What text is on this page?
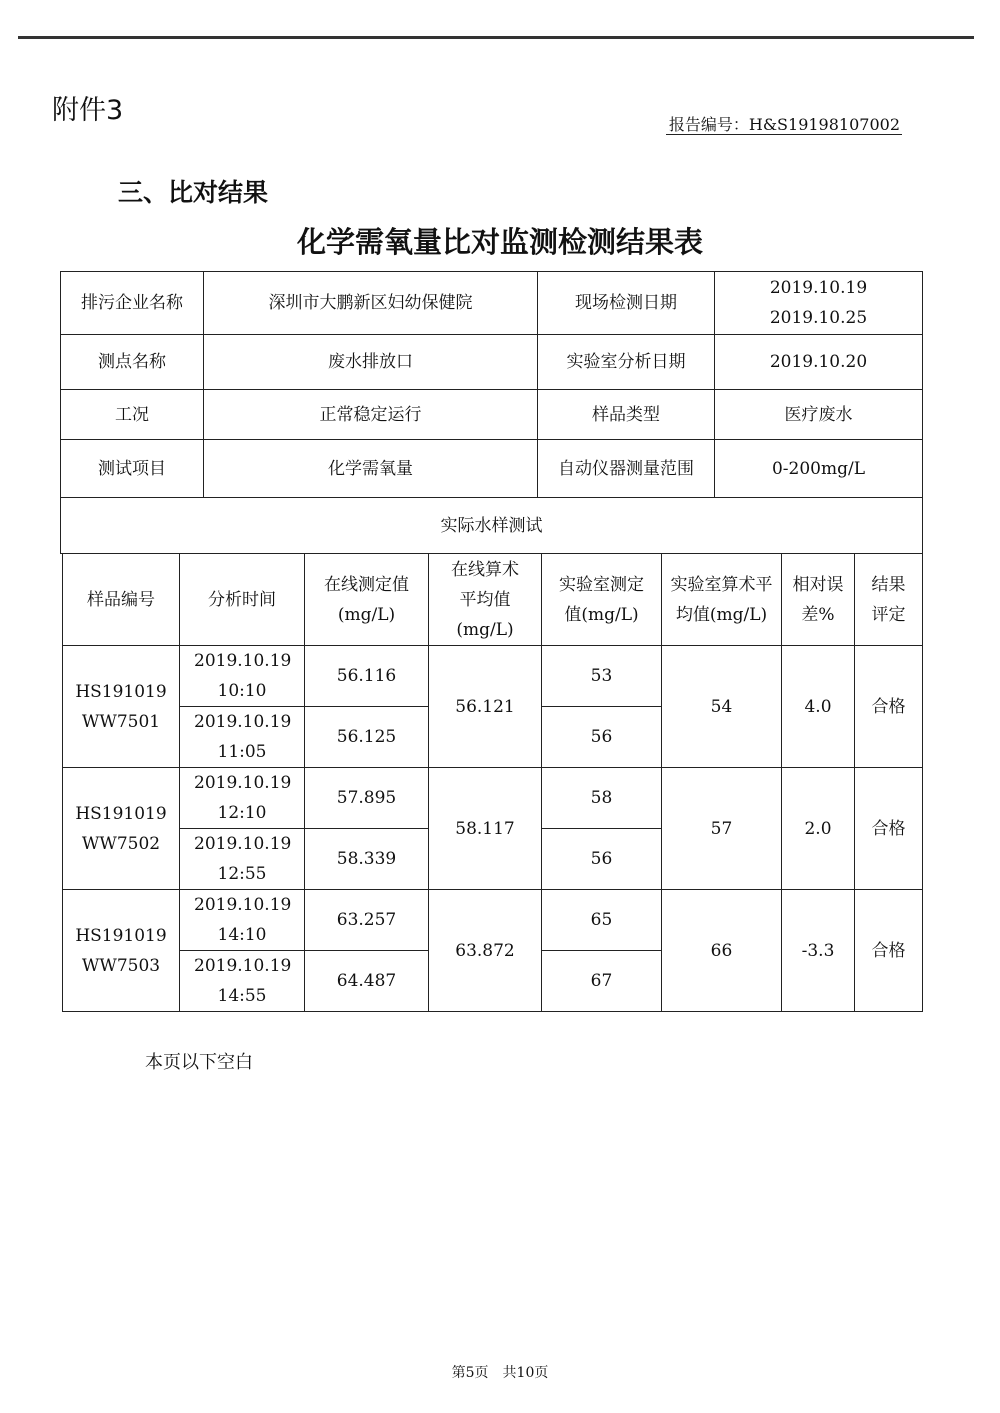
附件3	报告编号：H&S19198107002
三、比对结果
化学需氧量比对监测检测结果表
排污企业名称	深圳市大鹏新区妇幼保健院	现场检测日期	2019.10.19
2019.10.25

测点名称	废水排放口	实验室分析日期	2019.10.20
工况	正常稳定运行	样品类型	医疗废水
测试项目	化学需氧量	自动仪器测量范围	0-200mg/L
实际水样测试			
样品编号	分析时间	在线测定值(mg/L)	在线算术平均值(mg/L)	实验室测定值(mg/L)	实验室算术平均值(mg/L)	相对误差%	结果评定

HS191019 WW7501	2019.10.19 10:10	56.116	56.121	53	54	4.0	合格

	2019.10.19 11:05	56.125		56			

HS191019 WW7502	2019.10.19 12:10	57.895	58.117	58	57	2.0	合格

	2019.10.19 12:55	58.339		56			

HS191019 WW7503	2019.10.19 14:10	63.257	63.872	65	66	-3.3	合格

	2019.10.19 14:55	64.487		67			
本页以下空白
第5页　共10页
